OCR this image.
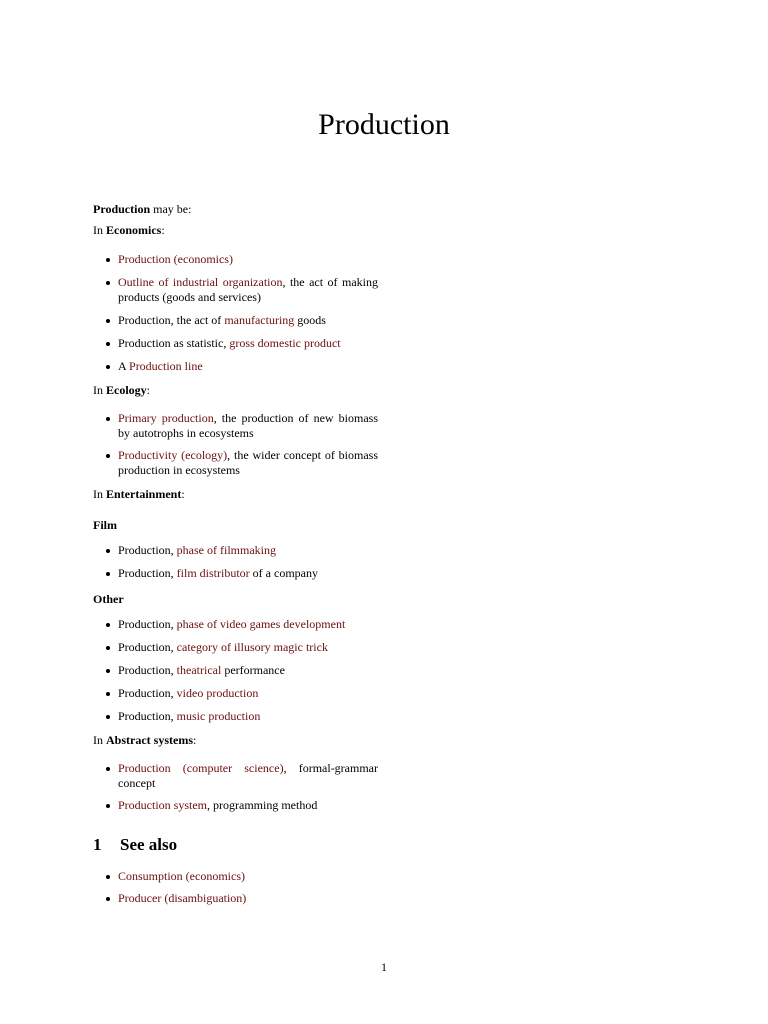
Production

Production may be:

In Economics:

Production (economics)
Outline of industrial organization, the act of making products (goods and services)
Production, the act of manufacturing goods
Production as statistic, gross domestic product
A Production line

In Ecology:

Primary production, the production of new biomass by autotrophs in ecosystems
Productivity (ecology), the wider concept of biomass production in ecosystems

In Entertainment:

Film

Production, phase of filmmaking
Production, film distributor of a company

Other

Production, phase of video games development
Production, category of illusory magic trick
Production, theatrical performance
Production, video production
Production, music production

In Abstract systems:

Production (computer science), formal-grammar concept
Production system, programming method
1	See also
Consumption (economics)
Producer (disambiguation)
1
